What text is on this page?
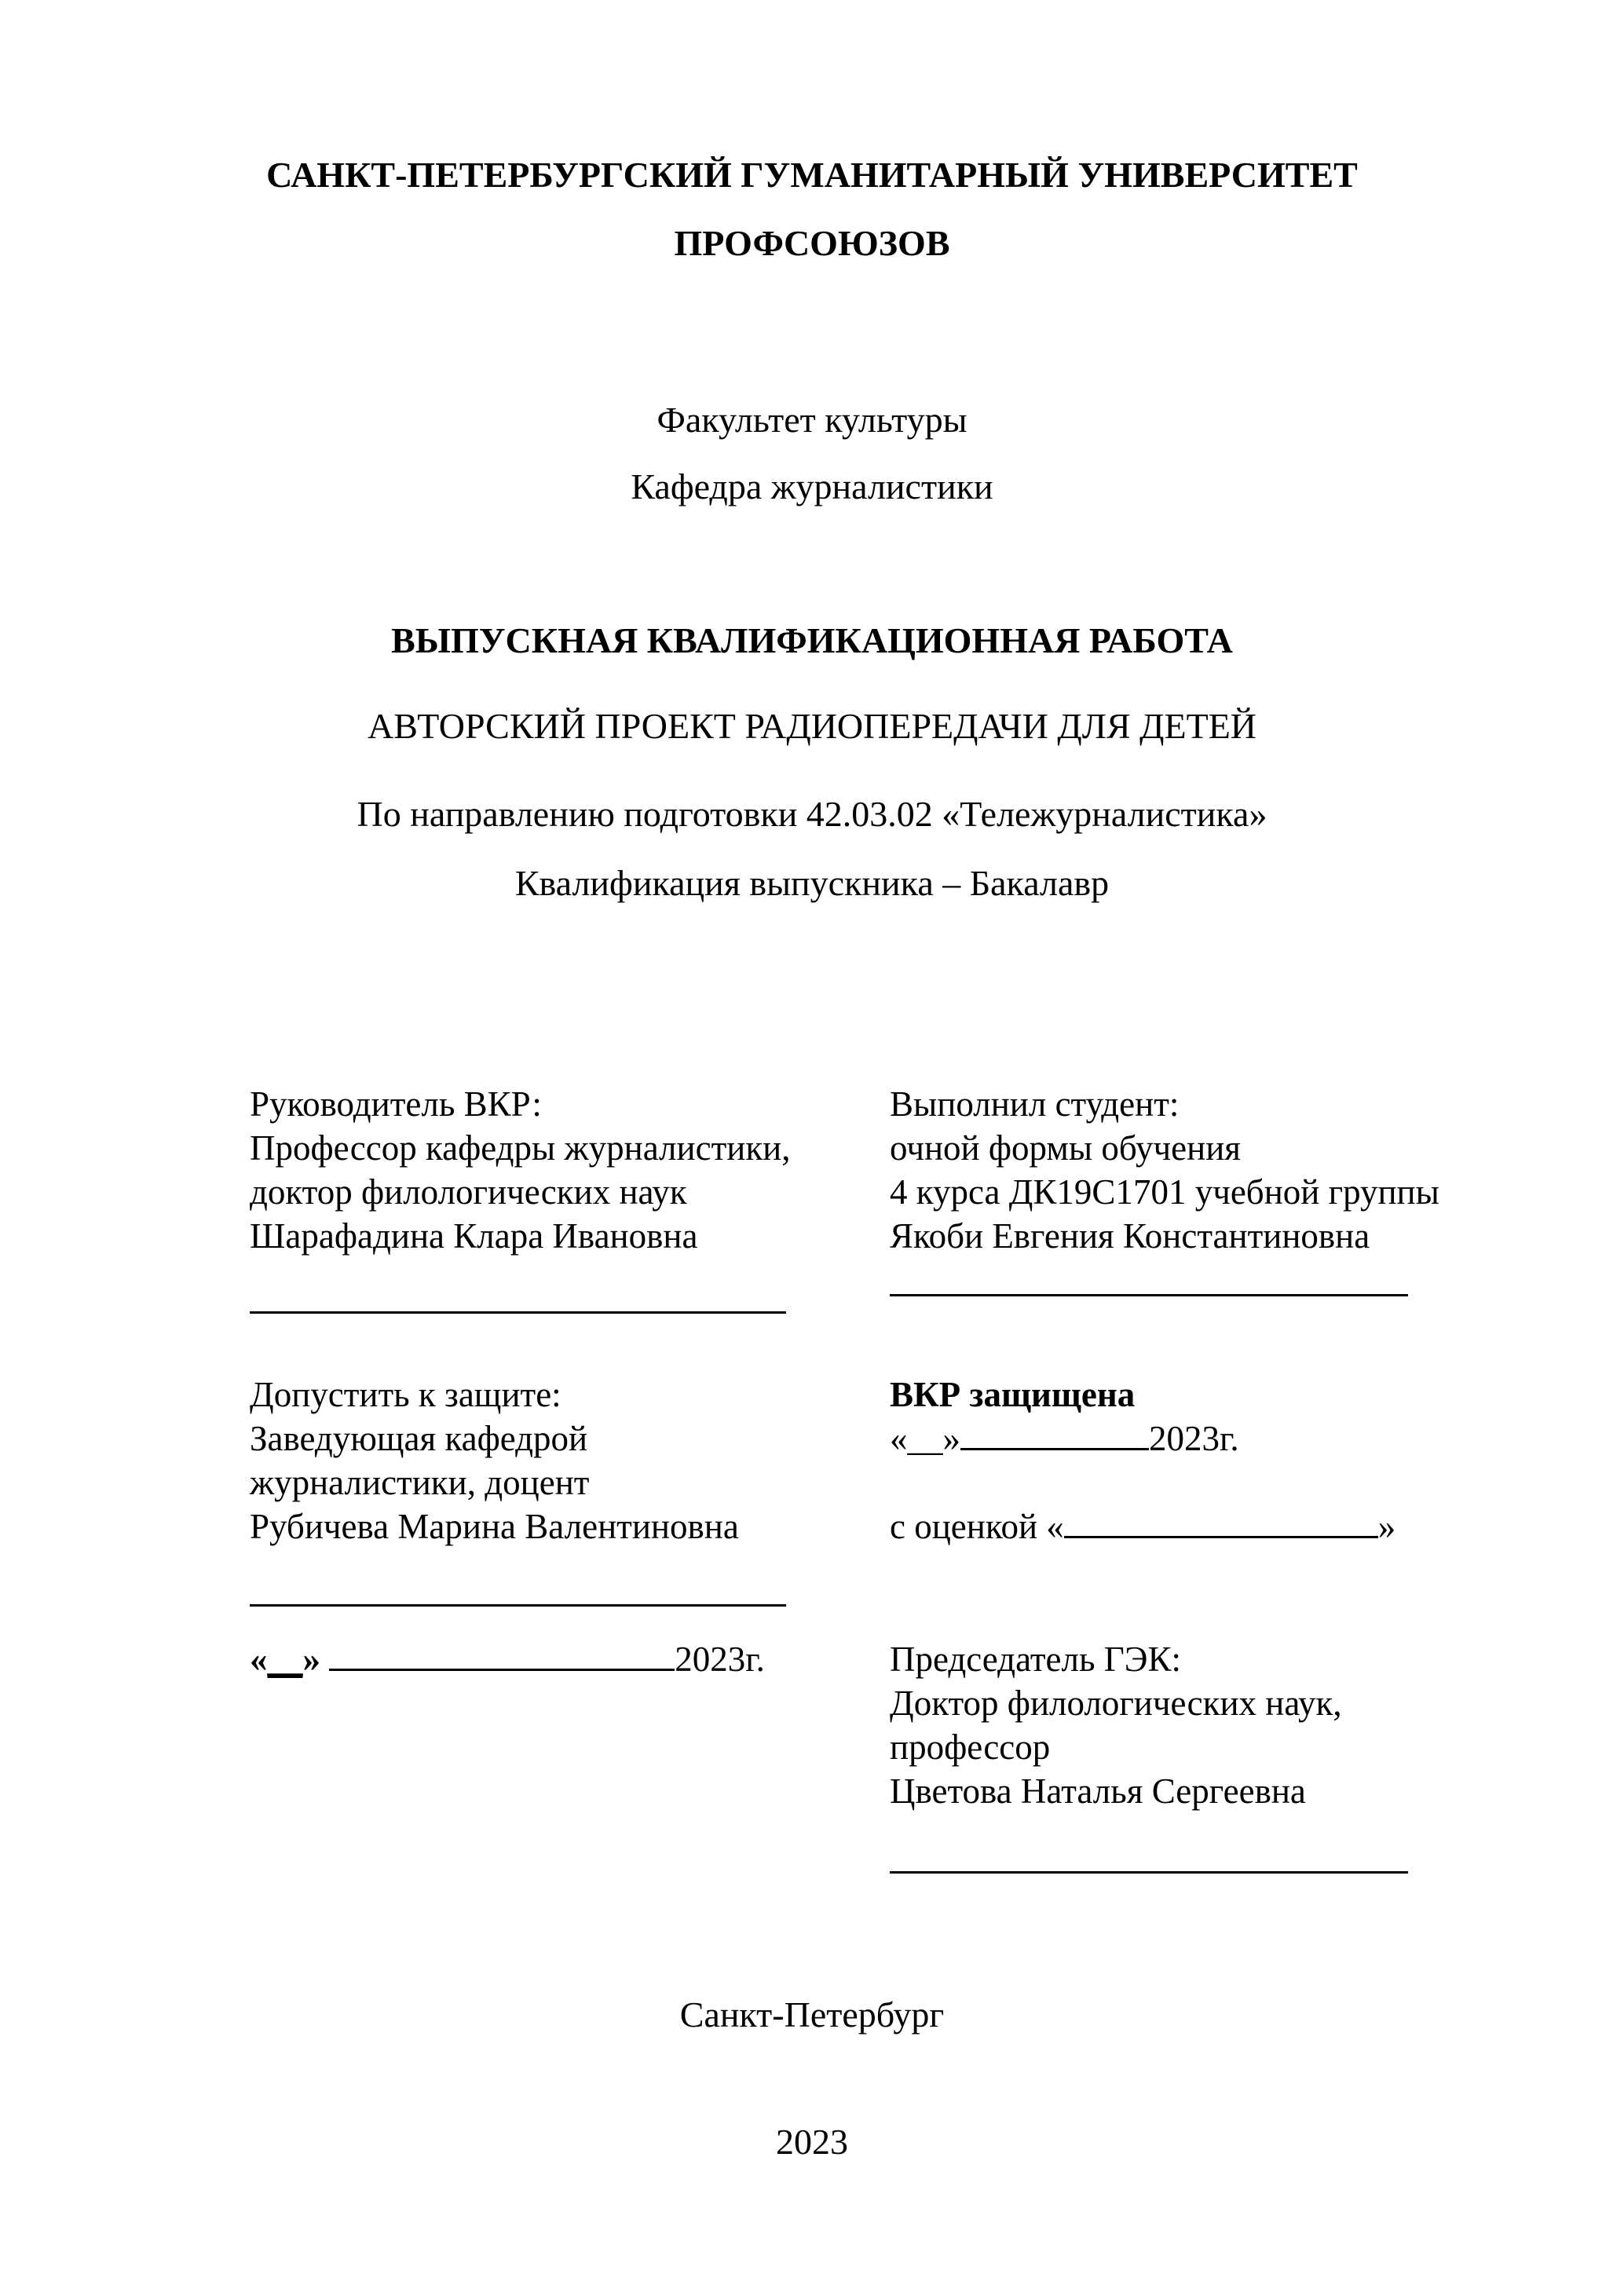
САНКТ-ПЕТЕРБУРГСКИЙ ГУМАНИТАРНЫЙ УНИВЕРСИТЕТ
ПРОФСОЮЗОВ
Факультет культуры
Кафедра журналистики
ВЫПУСКНАЯ КВАЛИФИКАЦИОННАЯ РАБОТА
АВТОРСКИЙ ПРОЕКТ РАДИОПЕРЕДАЧИ ДЛЯ ДЕТЕЙ
По направлению подготовки 42.03.02 «Тележурналистика»
Квалификация выпускника – Бакалавр
Руководитель ВКР:
Профессор кафедры журналистики,
доктор филологических наук
Шарафадина Клара Ивановна
Выполнил студент:
очной формы обучения
4 курса ДК19С1701 учебной группы
Якоби Евгения Константиновна
Допустить к защите:
Заведующая кафедрой
журналистики, доцент
Рубичева Марина Валентиновна
«__»	2023г.
ВКР защищена
«__»	2023г.

с оценкой «	»
Председатель ГЭК:
Доктор филологических наук,
профессор
Цветова Наталья Сергеевна
Санкт-Петербург
2023
